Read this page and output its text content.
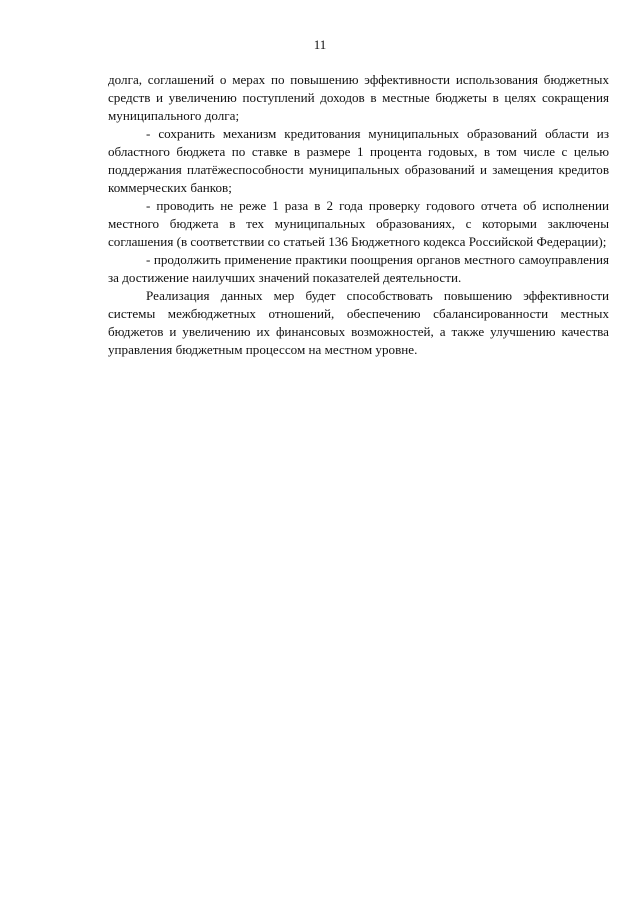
11

долга, соглашений о мерах по повышению эффективности использования бюджетных средств и увеличению поступлений доходов в местные бюджеты в целях сокращения муниципального долга;

- сохранить механизм кредитования муниципальных образований области из областного бюджета по ставке в размере 1 процента годовых, в том числе с целью поддержания платёжеспособности муниципальных образований и замещения кредитов коммерческих банков;

- проводить не реже 1 раза в 2 года проверку годового отчета об исполнении местного бюджета в тех муниципальных образованиях, с которыми заключены соглашения (в соответствии со статьей 136 Бюджетного кодекса Российской Федерации);

- продолжить применение практики поощрения органов местного самоуправления за достижение наилучших значений показателей деятельности.

Реализация данных мер будет способствовать повышению эффективности системы межбюджетных отношений, обеспечению сбалансированности местных бюджетов и увеличению их финансовых возможностей, а также улучшению качества управления бюджетным процессом на местном уровне.
